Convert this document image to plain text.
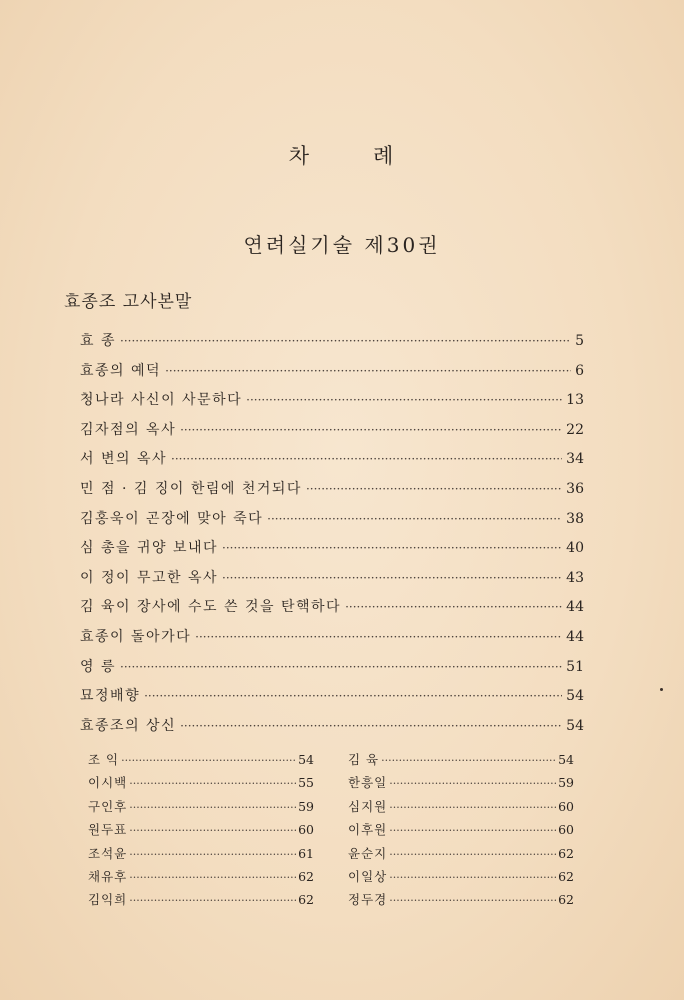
차	례
연려실기술 제30권
효종조 고사본말
효 종 ·····	5
효종의 예덕 ·····	6
청나라 사신이 사문하다 ·····	13
김자점의 옥사 ·····	22
서 변의 옥사 ·····	34
민 점 · 김 징이 한림에 천거되다 ·····	36
김홍욱이 곤장에 맞아 죽다 ·····	38
심 총을 귀양 보내다 ·····	40
이 정이 무고한 옥사 ·····	43
김 육이 장사에 수도 쓴 것을 탄핵하다 ·····	44
효종이 돌아가다 ·····	44
영 릉 ·····	51
묘정배향 ·····	54
효종조의 상신 ·····	54
조 익 ·····	54
이시백 ·····	55
구인후 ·····	59
원두표 ·····	60
조석윤 ·····	61
채유후 ·····	62
김익희 ·····	62
김 육 ·····	54
한흥일 ·····	59
심지원 ·····	60
이후원 ·····	60
윤순지 ·····	62
이일상 ·····	62
정두경 ·····	62
